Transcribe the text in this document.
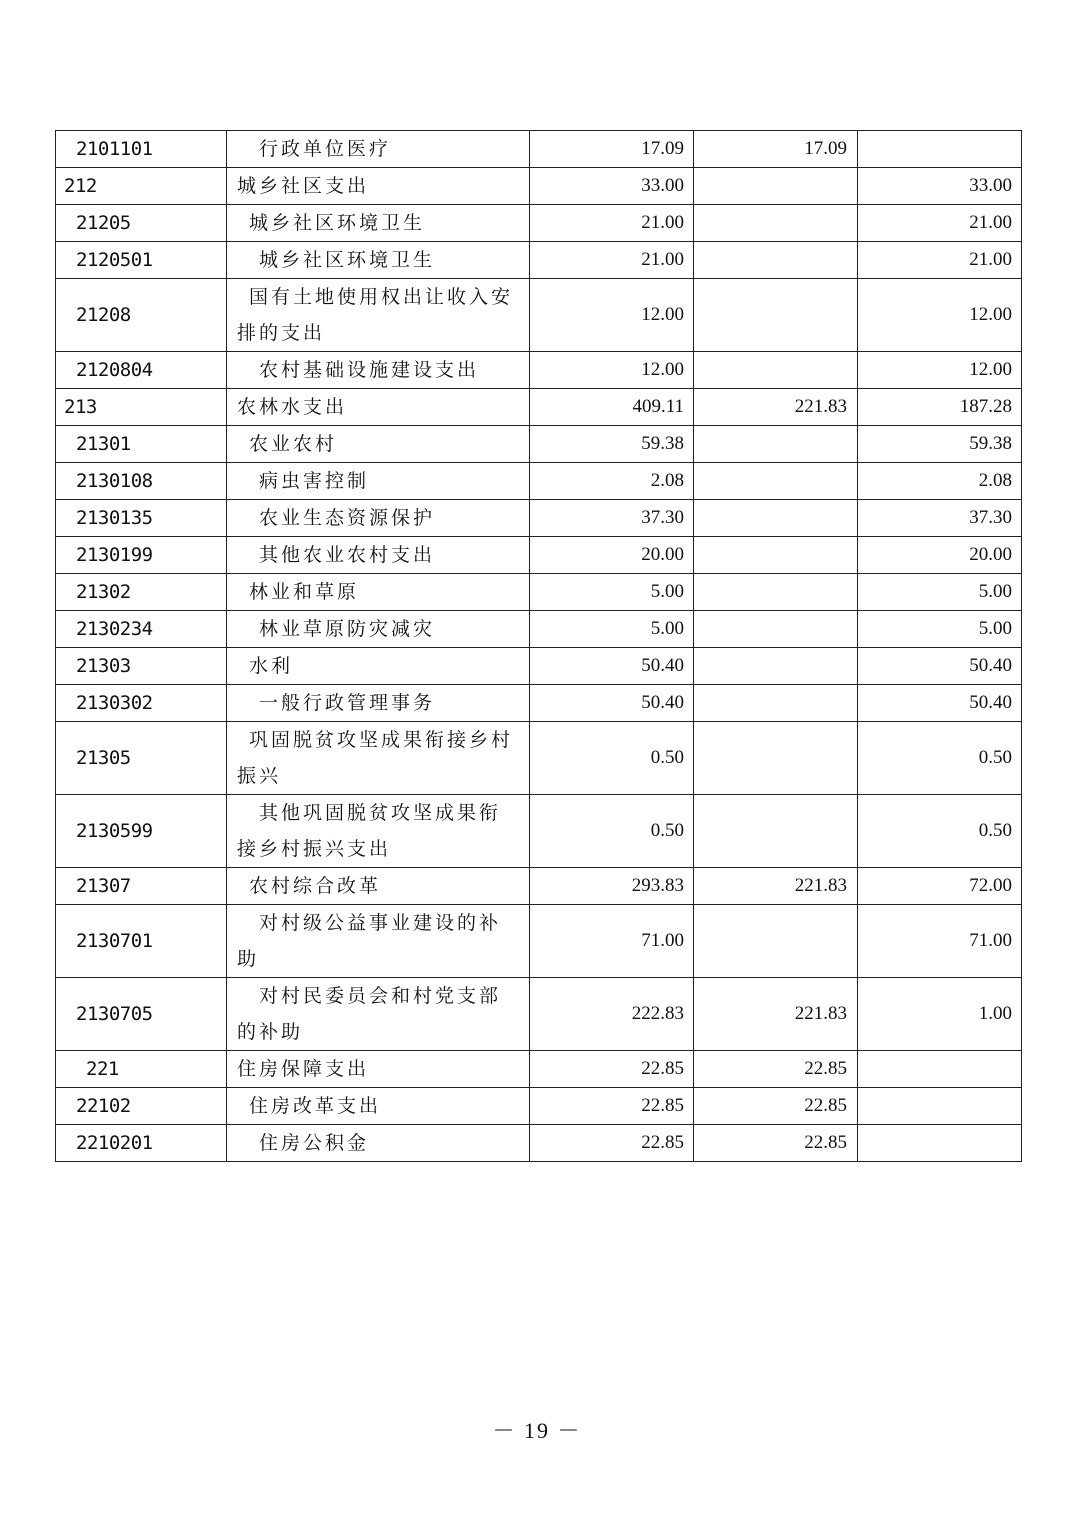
2101101	行政单位医疗	17.09	17.09	
212	城乡社区支出	33.00		33.00
21205	城乡社区环境卫生	21.00		21.00
2120501	城乡社区环境卫生	21.00		21.00
21208	国有土地使用权出让收入安排的支出	12.00		12.00
2120804	农村基础设施建设支出	12.00		12.00
213	农林水支出	409.11	221.83	187.28
21301	农业农村	59.38		59.38
2130108	病虫害控制	2.08		2.08
2130135	农业生态资源保护	37.30		37.30
2130199	其他农业农村支出	20.00		20.00
21302	林业和草原	5.00		5.00
2130234	林业草原防灾减灾	5.00		5.00
21303	水利	50.40		50.40
2130302	一般行政管理事务	50.40		50.40
21305	巩固脱贫攻坚成果衔接乡村振兴	0.50		0.50
2130599	其他巩固脱贫攻坚成果衔接乡村振兴支出	0.50		0.50
21307	农村综合改革	293.83	221.83	72.00
2130701	对村级公益事业建设的补助	71.00		71.00
2130705	对村民委员会和村党支部的补助	222.83	221.83	1.00
221	住房保障支出	22.85	22.85	
22102	住房改革支出	22.85	22.85	
2210201	住房公积金	22.85	22.85	
－ 19 －
